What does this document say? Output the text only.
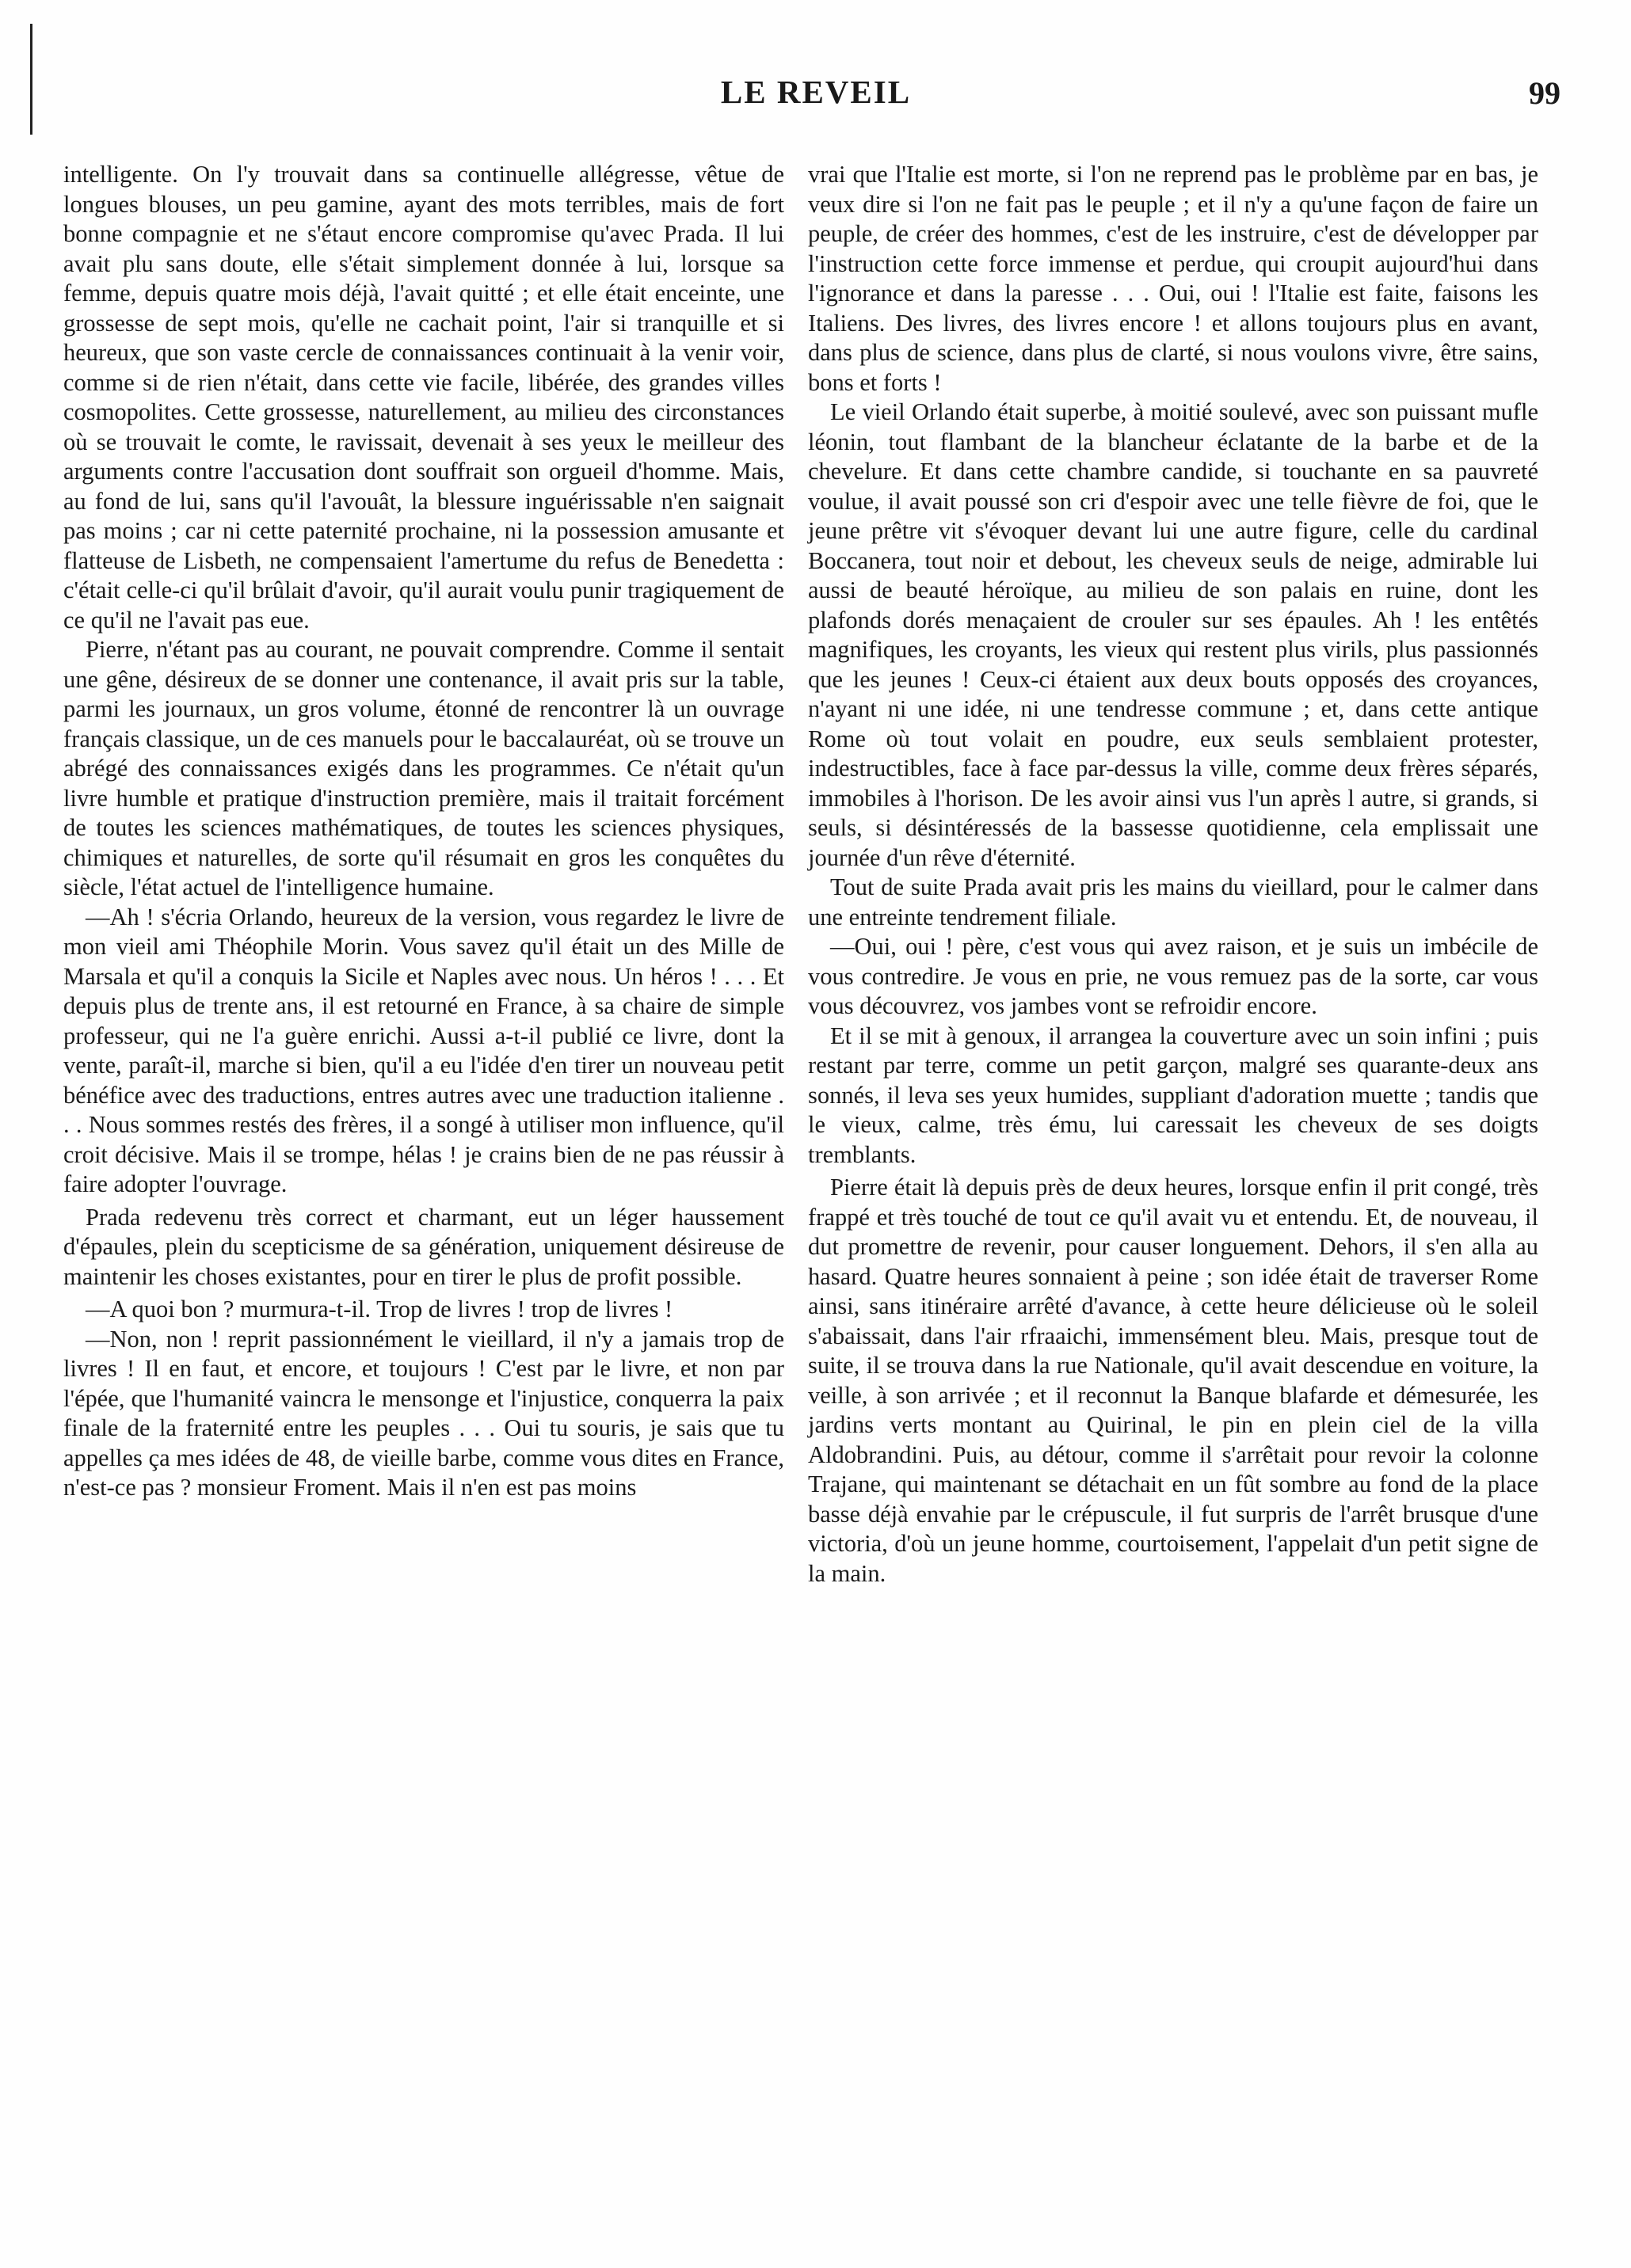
LE REVEIL	99

intelligente. On l'y trouvait dans sa continuelle allégresse, vêtue de longues blouses, un peu gamine, ayant des mots terribles, mais de fort bonne compagnie et ne s'étaut encore compromise qu'avec Prada. Il lui avait plu sans doute, elle s'était simplement donnée à lui, lorsque sa femme, depuis quatre mois déjà, l'avait quitté ; et elle était enceinte, une grossesse de sept mois, qu'elle ne cachait point, l'air si tranquille et si heureux, que son vaste cercle de connaissances continuait à la venir voir, comme si de rien n'était, dans cette vie facile, libérée, des grandes villes cosmopolites. Cette grossesse, naturellement, au milieu des circonstances où se trouvait le comte, le ravissait, devenait à ses yeux le meilleur des arguments contre l'accusation dont souffrait son orgueil d'homme. Mais, au fond de lui, sans qu'il l'avouât, la blessure inguérissable n'en saignait pas moins ; car ni cette paternité prochaine, ni la possession amusante et flatteuse de Lisbeth, ne compensaient l'amertume du refus de Benedetta : c'était celle-ci qu'il brûlait d'avoir, qu'il aurait voulu punir tragiquement de ce qu'il ne l'avait pas eue.

Pierre, n'étant pas au courant, ne pouvait comprendre. Comme il sentait une gêne, désireux de se donner une contenance, il avait pris sur la table, parmi les journaux, un gros volume, étonné de rencontrer là un ouvrage français classique, un de ces manuels pour le baccalauréat, où se trouve un abrégé des connaissances exigés dans les programmes. Ce n'était qu'un livre humble et pratique d'instruction première, mais il traitait forcément de toutes les sciences mathématiques, de toutes les sciences physiques, chimiques et naturelles, de sorte qu'il résumait en gros les conquêtes du siècle, l'état actuel de l'intelligence humaine.

—Ah ! s'écria Orlando, heureux de la version, vous regardez le livre de mon vieil ami Théophile Morin. Vous savez qu'il était un des Mille de Marsala et qu'il a conquis la Sicile et Naples avec nous. Un héros ! . . . Et depuis plus de trente ans, il est retourné en France, à sa chaire de simple professeur, qui ne l'a guère enrichi. Aussi a-t-il publié ce livre, dont la vente, paraît-il, marche si bien, qu'il a eu l'idée d'en tirer un nouveau petit bénéfice avec des traductions, entres autres avec une traduction italienne . . . Nous sommes restés des frères, il a songé à utiliser mon influence, qu'il croit décisive. Mais il se trompe, hélas ! je crains bien de ne pas réussir à faire adopter l'ouvrage.

Prada redevenu très correct et charmant, eut un léger haussement d'épaules, plein du scepticisme de sa génération, uniquement désireuse de maintenir les choses existantes, pour en tirer le plus de profit possible.

—A quoi bon ? murmura-t-il. Trop de livres ! trop de livres !

—Non, non ! reprit passionnément le vieillard, il n'y a jamais trop de livres ! Il en faut, et encore, et toujours ! C'est par le livre, et non par l'épée, que l'humanité vaincra le mensonge et l'injustice, conquerra la paix finale de la fraternité entre les peuples . . . Oui tu souris, je sais que tu appelles ça mes idées de 48, de vieille barbe, comme vous dites en France, n'est-ce pas ? monsieur Froment. Mais il n'en est pas moins

vrai que l'Italie est morte, si l'on ne reprend pas le problème par en bas, je veux dire si l'on ne fait pas le peuple ; et il n'y a qu'une façon de faire un peuple, de créer des hommes, c'est de les instruire, c'est de développer par l'instruction cette force immense et perdue, qui croupit aujourd'hui dans l'ignorance et dans la paresse . . . Oui, oui ! l'Italie est faite, faisons les Italiens. Des livres, des livres encore ! et allons toujours plus en avant, dans plus de science, dans plus de clarté, si nous voulons vivre, être sains, bons et forts !

Le vieil Orlando était superbe, à moitié soulevé, avec son puissant mufle léonin, tout flambant de la blancheur éclatante de la barbe et de la chevelure. Et dans cette chambre candide, si touchante en sa pauvreté voulue, il avait poussé son cri d'espoir avec une telle fièvre de foi, que le jeune prêtre vit s'évoquer devant lui une autre figure, celle du cardinal Boccanera, tout noir et debout, les cheveux seuls de neige, admirable lui aussi de beauté héroïque, au milieu de son palais en ruine, dont les plafonds dorés menaçaient de crouler sur ses épaules. Ah ! les entêtés magnifiques, les croyants, les vieux qui restent plus virils, plus passionnés que les jeunes ! Ceux-ci étaient aux deux bouts opposés des croyances, n'ayant ni une idée, ni une tendresse commune ; et, dans cette antique Rome où tout volait en poudre, eux seuls semblaient protester, indestructibles, face à face par-dessus la ville, comme deux frères séparés, immobiles à l'horison. De les avoir ainsi vus l'un après l autre, si grands, si seuls, si désintéressés de la bassesse quotidienne, cela emplissait une journée d'un rêve d'éternité.

Tout de suite Prada avait pris les mains du vieillard, pour le calmer dans une entreinte tendrement filiale.

—Oui, oui ! père, c'est vous qui avez raison, et je suis un imbécile de vous contredire. Je vous en prie, ne vous remuez pas de la sorte, car vous vous découvrez, vos jambes vont se refroidir encore.

Et il se mit à genoux, il arrangea la couverture avec un soin infini ; puis restant par terre, comme un petit garçon, malgré ses quarante-deux ans sonnés, il leva ses yeux humides, suppliant d'adoration muette ; tandis que le vieux, calme, très ému, lui caressait les cheveux de ses doigts tremblants.

Pierre était là depuis près de deux heures, lorsque enfin il prit congé, très frappé et très touché de tout ce qu'il avait vu et entendu. Et, de nouveau, il dut promettre de revenir, pour causer longuement. Dehors, il s'en alla au hasard. Quatre heures sonnaient à peine ; son idée était de traverser Rome ainsi, sans itinéraire arrêté d'avance, à cette heure délicieuse où le soleil s'abaissait, dans l'air rfraaichi, immensément bleu. Mais, presque tout de suite, il se trouva dans la rue Nationale, qu'il avait descendue en voiture, la veille, à son arrivée ; et il reconnut la Banque blafarde et démesurée, les jardins verts montant au Quirinal, le pin en plein ciel de la villa Aldobrandini. Puis, au détour, comme il s'arrêtait pour revoir la colonne Trajane, qui maintenant se détachait en un fût sombre au fond de la place basse déjà envahie par le crépuscule, il fut surpris de l'arrêt brusque d'une victoria, d'où un jeune homme, courtoisement, l'appelait d'un petit signe de la main.
